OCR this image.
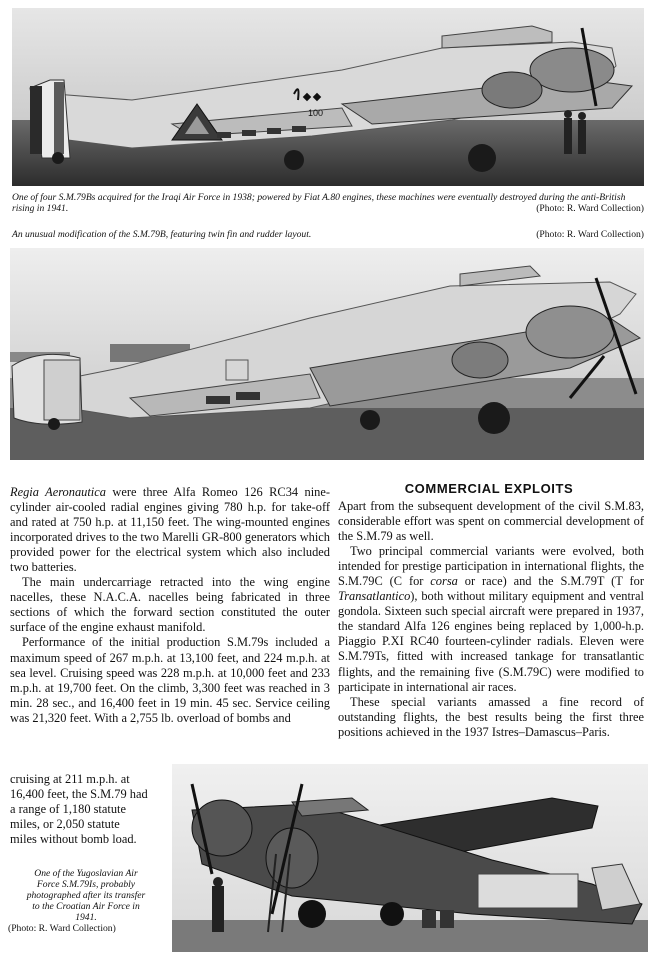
100
One of four S.M.79Bs acquired for the Iraqi Air Force in 1938; powered by Fiat A.80 engines, these machines were eventually destroyed during the anti-British rising in 1941.	(Photo: R. Ward Collection)
An unusual modification of the S.M.79B, featuring twin fin and rudder layout.	(Photo: R. Ward Collection)

Regia Aeronautica were three Alfa Romeo 126 RC34 nine-cylinder air-cooled radial engines giving 780 h.p. for take-off and rated at 750 h.p. at 11,150 feet. The wing-mounted engines incorporated drives to the two Marelli GR-800 generators which provided power for the electrical system which also included two batteries.

The main undercarriage retracted into the wing engine nacelles, these N.A.C.A. nacelles being fabricated in three sections of which the forward section constituted the outer surface of the engine exhaust manifold.

Performance of the initial production S.M.79s included a maximum speed of 267 m.p.h. at 13,100 feet, and 224 m.p.h. at sea level. Cruising speed was 228 m.p.h. at 10,000 feet and 233 m.p.h. at 19,700 feet. On the climb, 3,300 feet was reached in 3 min. 28 sec., and 16,400 feet in 19 min. 45 sec. Service ceiling was 21,320 feet. With a 2,755 lb. overload of bombs and

cruising at 211 m.p.h. at
16,400 feet, the S.M.79 had
a range of 1,180 statute
miles, or 2,050 statute
miles without bomb load.
COMMERCIAL EXPLOITS

Apart from the subsequent development of the civil S.M.83, considerable effort was spent on commercial development of the S.M.79 as well.

Two principal commercial variants were evolved, both intended for prestige participation in international flights, the S.M.79C (C for corsa or race) and the S.M.79T (T for Transatlantico), both without military equipment and ventral gondola. Sixteen such special aircraft were prepared in 1937, the standard Alfa 126 engines being replaced by 1,000-h.p. Piaggio P.XI RC40 fourteen-cylinder radials. Eleven were S.M.79Ts, fitted with increased tankage for transatlantic flights, and the remaining five (S.M.79C) were modified to participate in international air races.

These special variants amassed a fine record of outstanding flights, the best results being the first three positions achieved in the 1937 Istres–Damascus–Paris.

One of the Yugoslavian Air
Force S.M.79Is, probably
photographed after its transfer
to the Croatian Air Force in
1941.
(Photo: R. Ward Collection)
